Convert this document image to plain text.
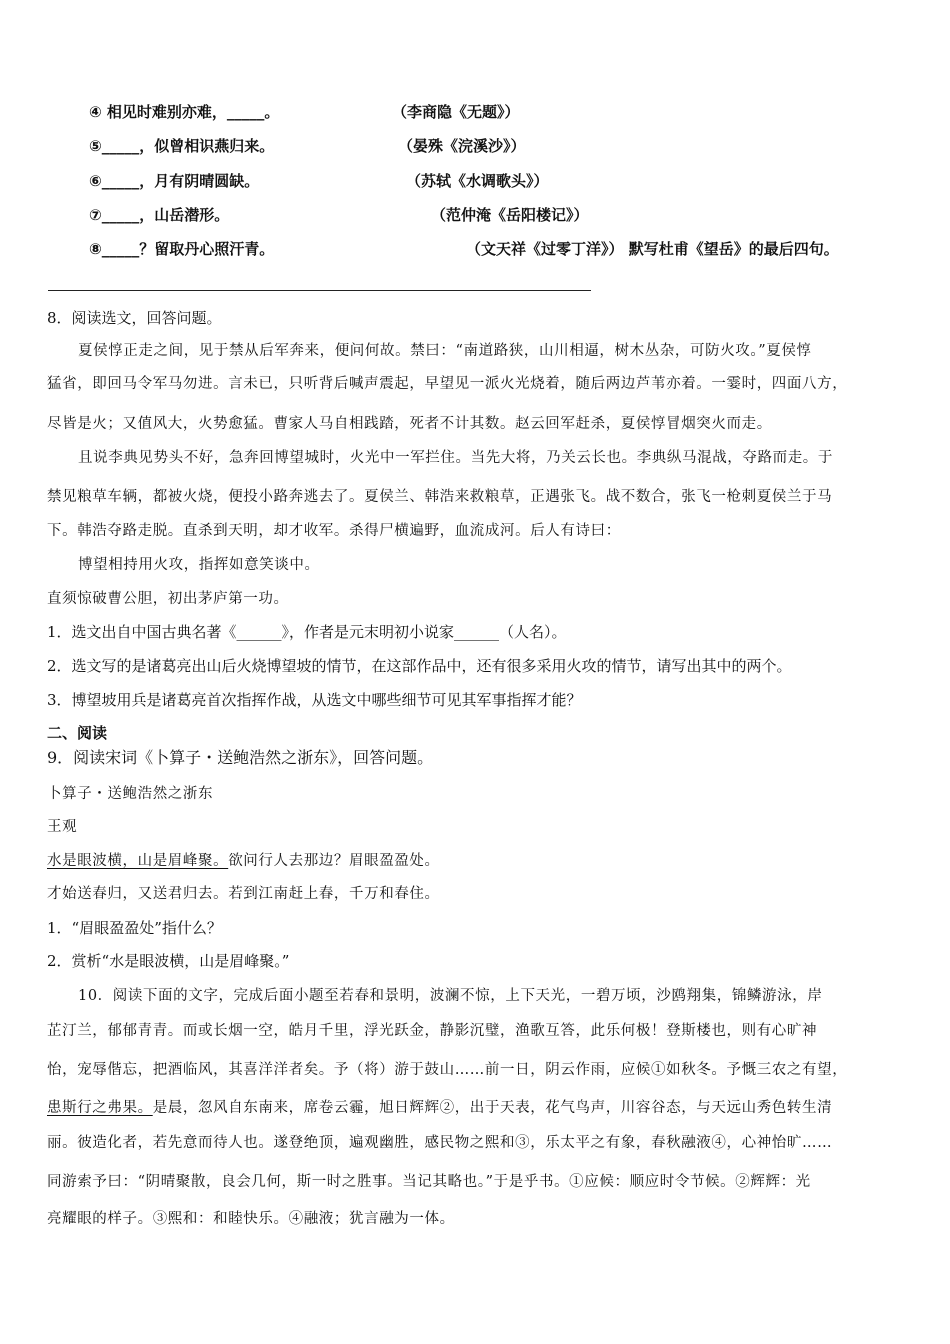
④ 相见时难别亦难，_____。	（李商隐《无题》）
⑤_____，似曾相识燕归来。	（晏殊《浣溪沙》）
⑥_____，月有阴晴圆缺。	（苏轼《水调歌头》）
⑦_____，山岳潜形。	（范仲淹《岳阳楼记》）
⑧_____？留取丹心照汗青。	（文天祥《过零丁洋》） 默写杜甫《望岳》的最后四句。
8．阅读选文，回答问题。
夏侯惇正走之间，见于禁从后军奔来，便问何故。禁曰：“南道路狭，山川相逼，树木丛杂，可防火攻。”夏侯惇
猛省，即回马令军马勿进。言未已，只听背后喊声震起，早望见一派火光烧着，随后两边芦苇亦着。一霎时，四面八方，
尽皆是火；又值风大，火势愈猛。曹家人马自相践踏，死者不计其数。赵云回军赶杀，夏侯惇冒烟突火而走。
且说李典见势头不好，急奔回博望城时，火光中一军拦住。当先大将，乃关云长也。李典纵马混战，夺路而走。于
禁见粮草车辆，都被火烧，便投小路奔逃去了。夏侯兰、韩浩来救粮草，正遇张飞。战不数合，张飞一枪刺夏侯兰于马
下。韩浩夺路走脱。直杀到天明，却才收军。杀得尸横遍野，血流成河。后人有诗曰：
博望相持用火攻，指挥如意笑谈中。
直须惊破曹公胆，初出茅庐第一功。
1．选文出自中国古典名著《______》，作者是元末明初小说家______（人名）。
2．选文写的是诸葛亮出山后火烧博望坡的情节，在这部作品中，还有很多采用火攻的情节，请写出其中的两个。
3．博望坡用兵是诸葛亮首次指挥作战，从选文中哪些细节可见其军事指挥才能？
二、阅读
9．阅读宋词《卜算子・送鲍浩然之浙东》，回答问题。
卜算子・送鲍浩然之浙东
王观
水是眼波横，山是眉峰聚。欲问行人去那边？眉眼盈盈处。
才始送春归，又送君归去。若到江南赶上春，千万和春住。
1．“眉眼盈盈处”指什么？
2．赏析“水是眼波横，山是眉峰聚。”
10．阅读下面的文字，完成后面小题至若春和景明，波澜不惊，上下天光，一碧万顷，沙鸥翔集，锦鳞游泳，岸
芷汀兰，郁郁青青。而或长烟一空，皓月千里，浮光跃金，静影沉璧，渔歌互答，此乐何极！登斯楼也，则有心旷神
怡，宠辱偕忘，把酒临风，其喜洋洋者矣。予（将）游于鼓山……前一日，阴云作雨，应候①如秋冬。予慨三农之有望，
患斯行之弗果。是晨，忽风自东南来，席卷云霾，旭日辉辉②，出于天表，花气鸟声，川容谷态，与天远山秀色转生清
丽。彼造化者，若先意而待人也。遂登绝顶，遍观幽胜，感民物之熙和③，乐太平之有象，春秋融液④，心神怡旷……
同游索予曰：“阴晴聚散，良会几何，斯一时之胜事。当记其略也。”于是乎书。①应候：顺应时令节候。②辉辉：光
亮耀眼的样子。③熙和：和睦快乐。④融液；犹言融为一体。
